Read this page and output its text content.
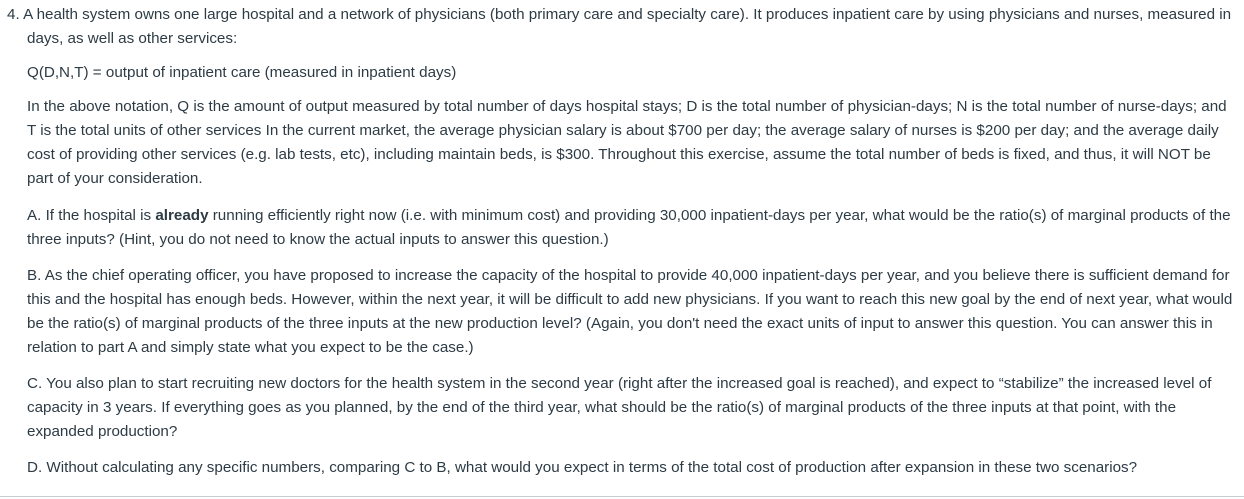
4. A health system owns one large hospital and a network of physicians (both primary care and specialty care). It produces inpatient care by using physicians and nurses, measured in days, as well as other services:

Q(D,N,T) = output of inpatient care (measured in inpatient days)

In the above notation, Q is the amount of output measured by total number of days hospital stays; D is the total number of physician-days; N is the total number of nurse-days; and T is the total units of other services In the current market, the average physician salary is about $700 per day; the average salary of nurses is $200 per day; and the average daily cost of providing other services (e.g. lab tests, etc), including maintain beds, is $300. Throughout this exercise, assume the total number of beds is fixed, and thus, it will NOT be part of your consideration.

A. If the hospital is already running efficiently right now (i.e. with minimum cost) and providing 30,000 inpatient-days per year, what would be the ratio(s) of marginal products of the three inputs? (Hint, you do not need to know the actual inputs to answer this question.)

B. As the chief operating officer, you have proposed to increase the capacity of the hospital to provide 40,000 inpatient-days per year, and you believe there is sufficient demand for this and the hospital has enough beds. However, within the next year, it will be difficult to add new physicians. If you want to reach this new goal by the end of next year, what would be the ratio(s) of marginal products of the three inputs at the new production level? (Again, you don't need the exact units of input to answer this question. You can answer this in relation to part A and simply state what you expect to be the case.)

C. You also plan to start recruiting new doctors for the health system in the second year (right after the increased goal is reached), and expect to “stabilize” the increased level of capacity in 3 years. If everything goes as you planned, by the end of the third year, what should be the ratio(s) of marginal products of the three inputs at that point, with the expanded production?

D. Without calculating any specific numbers, comparing C to B, what would you expect in terms of the total cost of production after expansion in these two scenarios?
